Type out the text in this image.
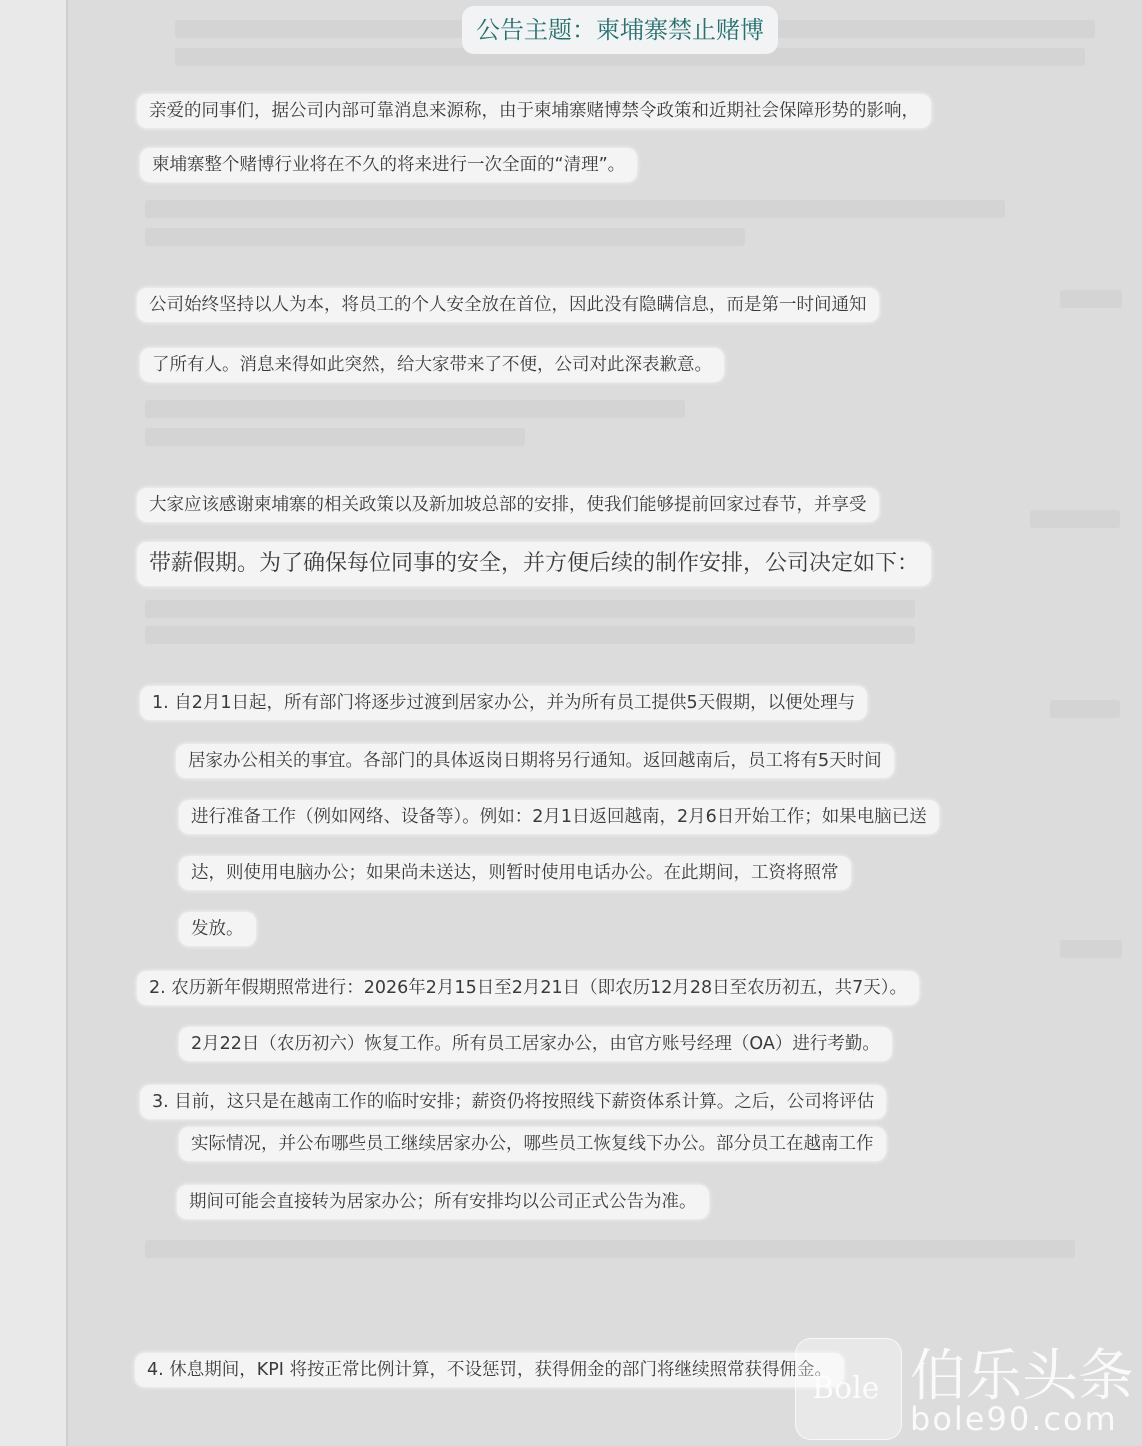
公告主题：柬埔寨禁止赌博
亲爱的同事们，据公司内部可靠消息来源称，由于柬埔寨赌博禁令政策和近期社会保障形势的影响，
柬埔寨整个赌博行业将在不久的将来进行一次全面的“清理”。
公司始终坚持以人为本，将员工的个人安全放在首位，因此没有隐瞒信息，而是第一时间通知
了所有人。消息来得如此突然，给大家带来了不便，公司对此深表歉意。
大家应该感谢柬埔寨的相关政策以及新加坡总部的安排，使我们能够提前回家过春节，并享受
带薪假期。为了确保每位同事的安全，并方便后续的制作安排，公司决定如下：
1. 自2月1日起，所有部门将逐步过渡到居家办公，并为所有员工提供5天假期，以便处理与
居家办公相关的事宜。各部门的具体返岗日期将另行通知。返回越南后，员工将有5天时间
进行准备工作（例如网络、设备等）。例如：2月1日返回越南，2月6日开始工作；如果电脑已送
达，则使用电脑办公；如果尚未送达，则暂时使用电话办公。在此期间，工资将照常
发放。
2. 农历新年假期照常进行：2026年2月15日至2月21日（即农历12月28日至农历初五，共7天）。
2月22日（农历初六）恢复工作。所有员工居家办公，由官方账号经理（OA）进行考勤。
3. 目前，这只是在越南工作的临时安排；薪资仍将按照线下薪资体系计算。之后，公司将评估
实际情况，并公布哪些员工继续居家办公，哪些员工恢复线下办公。部分员工在越南工作
期间可能会直接转为居家办公；所有安排均以公司正式公告为准。
4. 休息期间，KPI 将按正常比例计算，不设惩罚，获得佣金的部门将继续照常获得佣金。
Bole 伯乐头条
bole90.com
